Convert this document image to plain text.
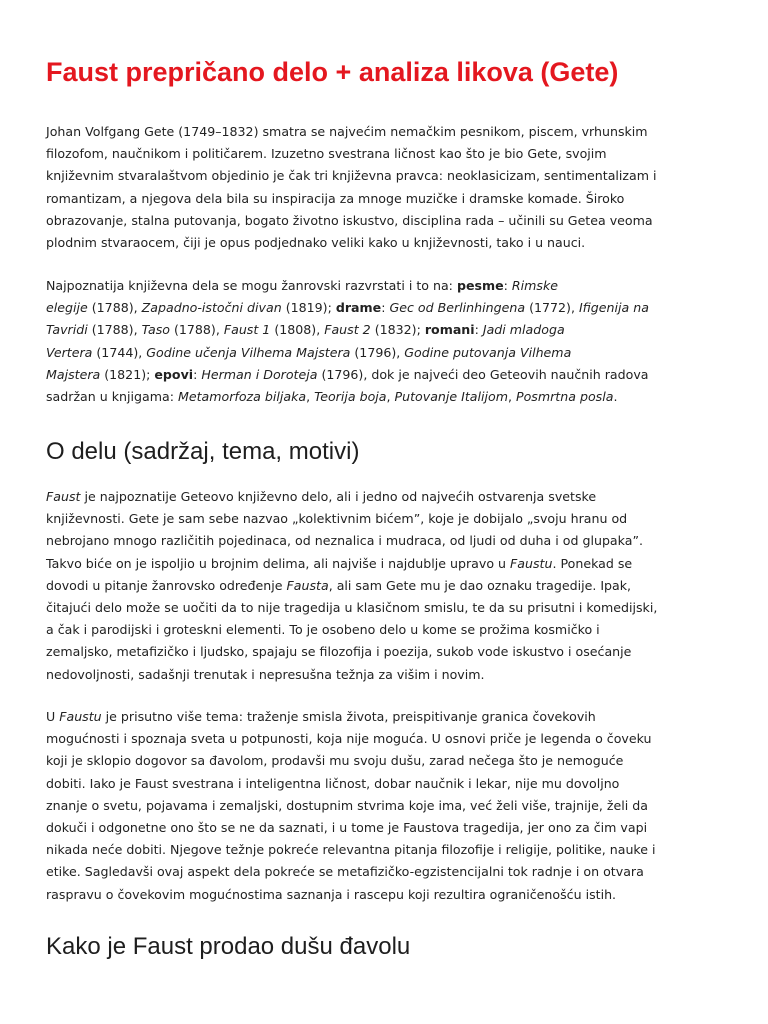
Faust prepričano delo + analiza likova (Gete)

Johan Volfgang Gete (1749–1832) smatra se najvećim nemačkim pesnikom, piscem, vrhunskim
filozofom, naučnikom i političarem. Izuzetno svestrana ličnost kao što je bio Gete, svojim
književnim stvaralaštvom objedinio je čak tri književna pravca: neoklasicizam, sentimentalizam i
romantizam, a njegova dela bila su inspiracija za mnoge muzičke i dramske komade. Široko
obrazovanje, stalna putovanja, bogato životno iskustvo, disciplina rada – učinili su Getea veoma
plodnim stvaraocem, čiji je opus podjednako veliki kako u književnosti, tako i u nauci.

Najpoznatija književna dela se mogu žanrovski razvrstati i to na: pesme: Rimske
elegije (1788), Zapadno-istočni divan (1819); drame: Gec od Berlinhingena (1772), Ifigenija na
Tavridi (1788), Taso (1788), Faust 1 (1808), Faust 2 (1832); romani: Jadi mladoga
Vertera (1744), Godine učenja Vilhema Majstera (1796), Godine putovanja Vilhema
Majstera (1821); epovi: Herman i Doroteja (1796), dok je najveći deo Geteovih naučnih radova
sadržan u knjigama: Metamorfoza biljaka, Teorija boja, Putovanje Italijom, Posmrtna posla.

O delu (sadržaj, tema, motivi)

Faust je najpoznatije Geteovo književno delo, ali i jedno od najvećih ostvarenja svetske
književnosti. Gete je sam sebe nazvao „kolektivnim bićem”, koje je dobijalo „svoju hranu od
nebrojano mnogo različitih pojedinaca, od neznalica i mudraca, od ljudi od duha i od glupaka”.
Takvo biće on je ispoljio u brojnim delima, ali najviše i najdublje upravo u Faustu. Ponekad se
dovodi u pitanje žanrovsko određenje Fausta, ali sam Gete mu je dao oznaku tragedije. Ipak,
čitajući delo može se uočiti da to nije tragedija u klasičnom smislu, te da su prisutni i komedijski,
a čak i parodijski i groteskni elementi. To je osobeno delo u kome se prožima kosmičko i
zemaljsko, metafizičko i ljudsko, spajaju se filozofija i poezija, sukob vode iskustvo i osećanje
nedovoljnosti, sadašnji trenutak i nepresušna težnja za višim i novim.

U Faustu je prisutno više tema: traženje smisla života, preispitivanje granica čovekovih
mogućnosti i spoznaja sveta u potpunosti, koja nije moguća. U osnovi priče je legenda o čoveku
koji je sklopio dogovor sa đavolom, prodavši mu svoju dušu, zarad nečega što je nemoguće
dobiti. Iako je Faust svestrana i inteligentna ličnost, dobar naučnik i lekar, nije mu dovoljno
znanje o svetu, pojavama i zemaljski, dostupnim stvrima koje ima, već želi više, trajnije, želi da
dokuči i odgonetne ono što se ne da saznati, i u tome je Faustova tragedija, jer ono za čim vapi
nikada neće dobiti. Njegove težnje pokreće relevantna pitanja filozofije i religije, politike, nauke i
etike. Sagledavši ovaj aspekt dela pokreće se metafizičko-egzistencijalni tok radnje i on otvara
raspravu o čovekovim mogućnostima saznanja i rascepu koji rezultira ograničenošću istih.

Kako je Faust prodao dušu đavolu
